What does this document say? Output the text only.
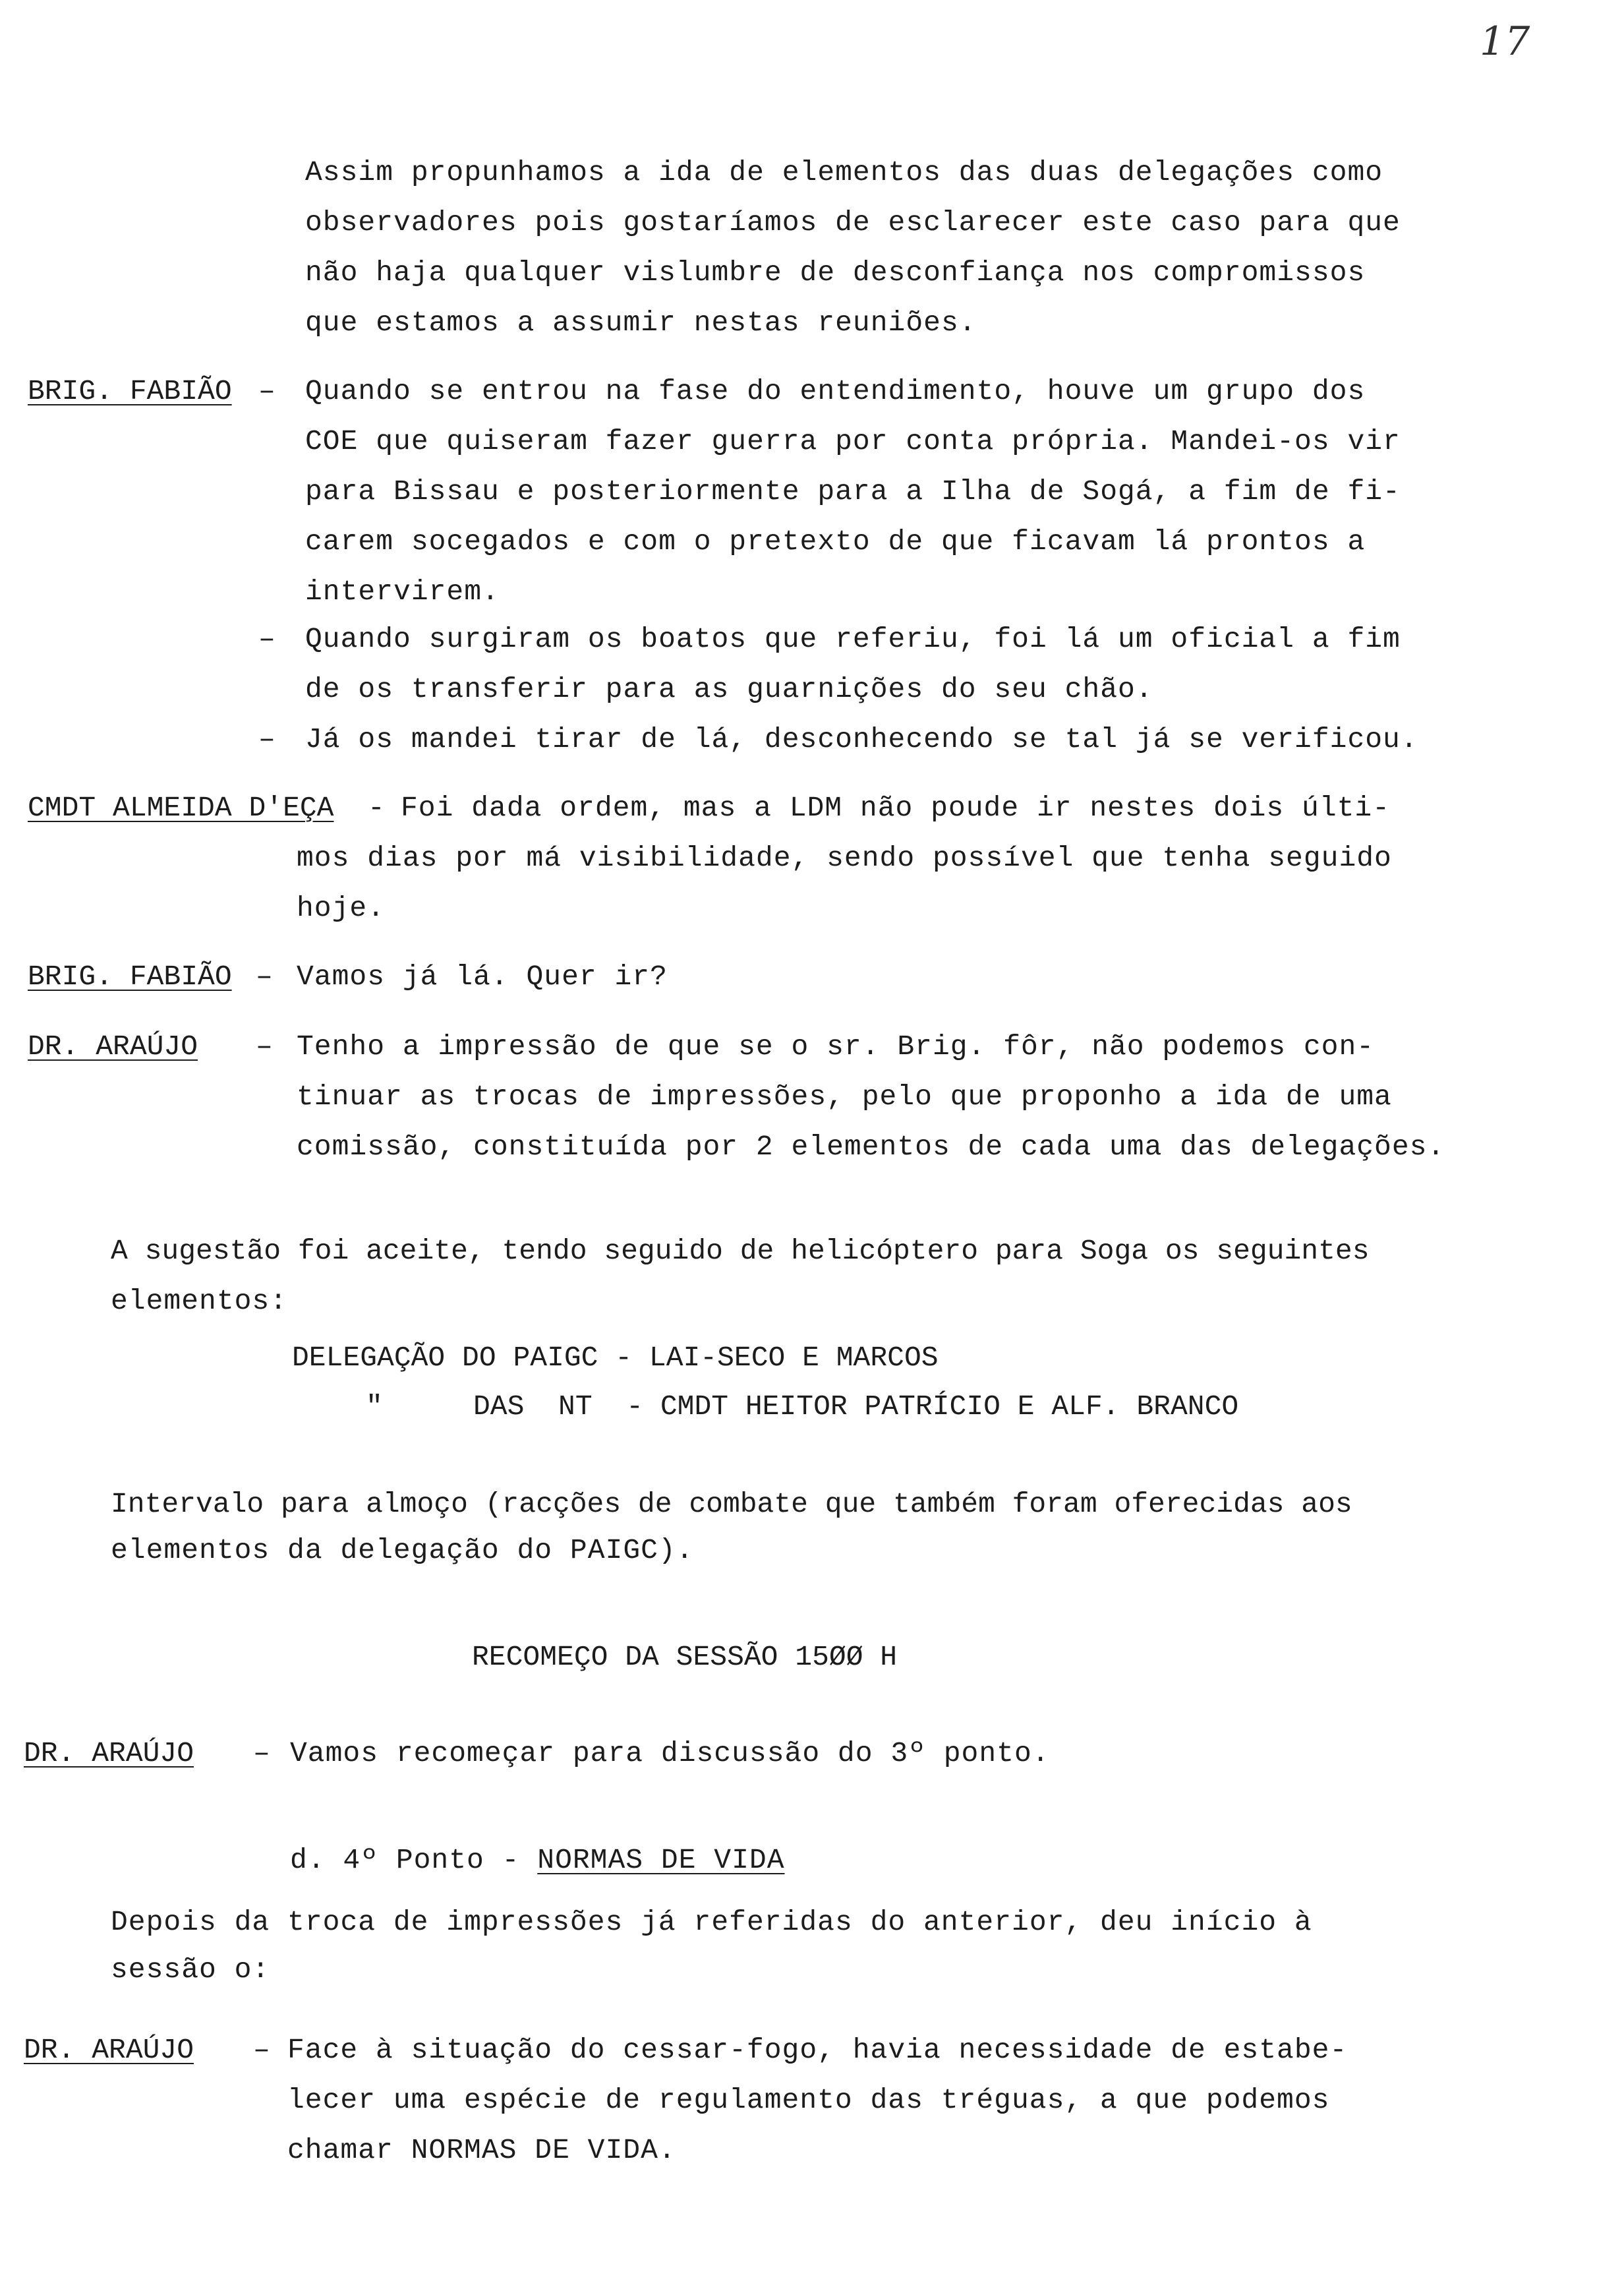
17
Assim propunhamos a ida de elementos das duas delegações como
observadores pois gostaríamos de esclarecer este caso para que
não haja qualquer vislumbre de desconfiança nos compromissos
que estamos a assumir nestas reuniões.
BRIG. FABIÃO – Quando se entrou na fase do entendimento, houve um grupo dos
COE que quiseram fazer guerra por conta própria. Mandei-os vir
para Bissau e posteriormente para a Ilha de Sogá, a fim de fi-
carem socegados e com o pretexto de que ficavam lá prontos a
intervirem.
– Quando surgiram os boatos que referiu, foi lá um oficial a fim
de os transferir para as guarnições do seu chão.
– Já os mandei tirar de lá, desconhecendo se tal já se verificou.
CMDT ALMEIDA D'EÇA - Foi dada ordem, mas a LDM não poude ir nestes dois últi-
mos dias por má visibilidade, sendo possível que tenha seguido
hoje.
BRIG. FABIÃO – Vamos já lá. Quer ir?
DR. ARAÚJO – Tenho a impressão de que se o sr. Brig. fôr, não podemos con-
tinuar as trocas de impressões, pelo que proponho a ida de uma
comissão, constituída por 2 elementos de cada uma das delegações.
A sugestão foi aceite, tendo seguido de helicóptero para Soga os seguintes
elementos:
DELEGAÇÃO DO PAIGC - LAI-SECO E MARCOS
"	DAS  NT  - CMDT HEITOR PATRÍCIO E ALF. BRANCO
Intervalo para almoço (racções de combate que também foram oferecidas aos
elementos da delegação do PAIGC).
RECOMEÇO DA SESSÃO 15ØØ H
DR. ARAÚJO – Vamos recomeçar para discussão do 3º ponto.
d. 4º Ponto - NORMAS DE VIDA
Depois da troca de impressões já referidas do anterior, deu início à
sessão o:
DR. ARAÚJO – Face à situação do cessar-fogo, havia necessidade de estabe-
lecer uma espécie de regulamento das tréguas, a que podemos
chamar NORMAS DE VIDA.
